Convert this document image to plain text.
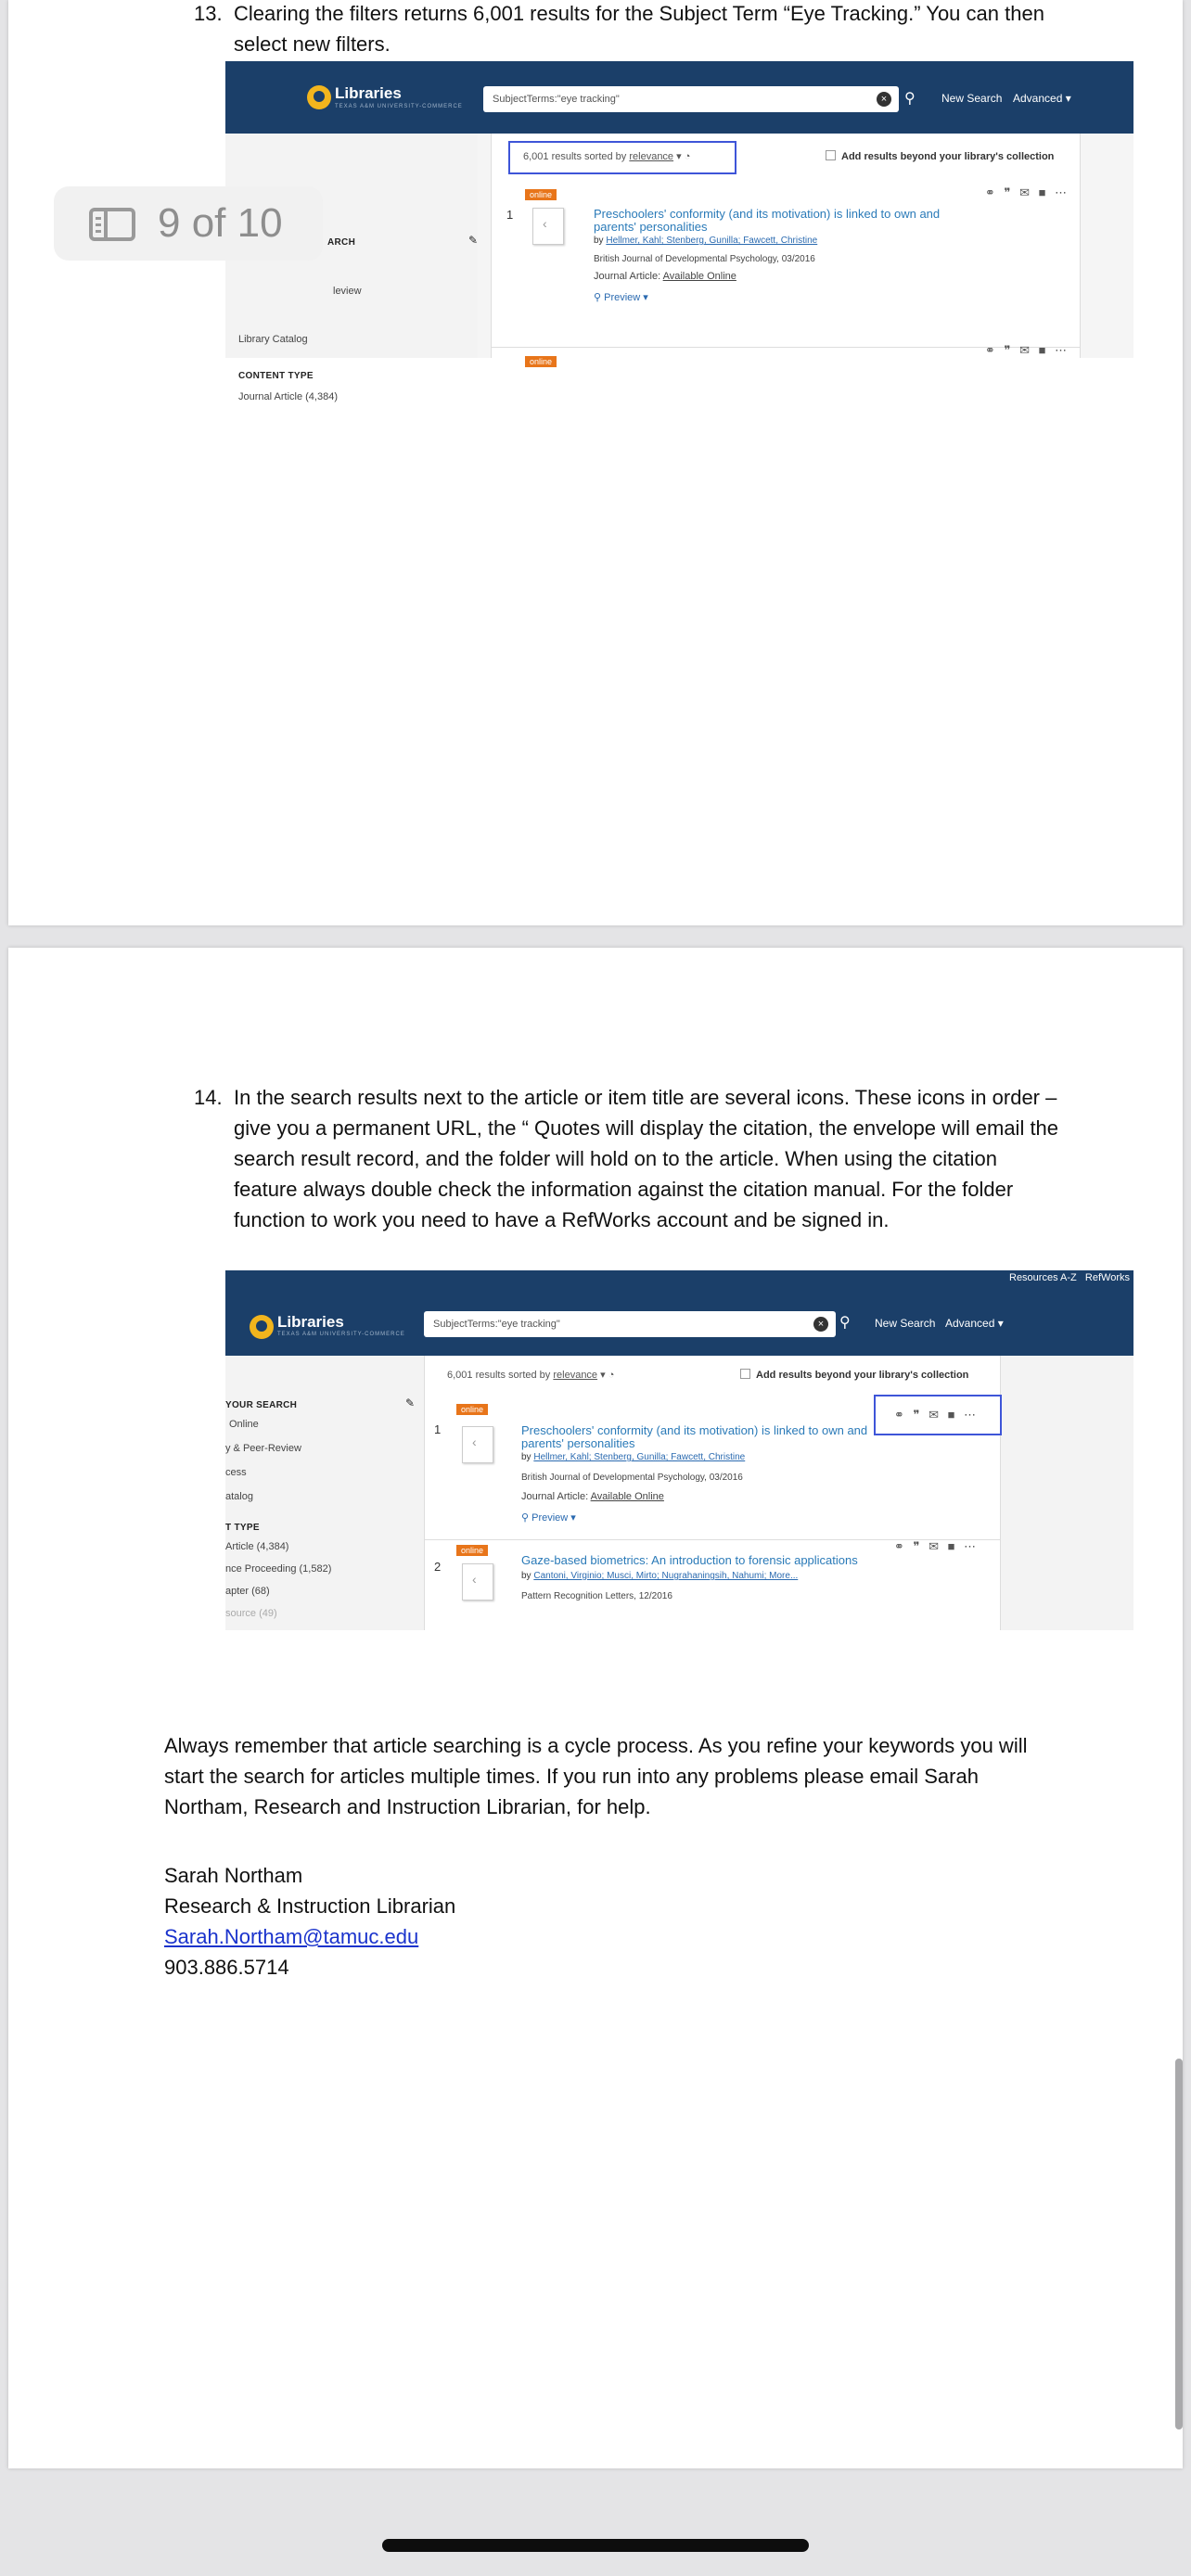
13. Clearing the filters returns 6,001 results for the Subject Term “Eye Tracking.” You can then select new filters.
Libraries
TEXAS A&M UNIVERSITY-COMMERCE
SubjectTerms:"eye tracking"	× ⚲ New Search Advanced ▾
ARCH
leview
Library Catalog
CONTENT TYPE
Journal Article (4,384)
✎
6,001 results sorted by relevance ▾ ◔	Add results beyond your library's collection
1
online
‹
Preschoolers' conformity (and its motivation) is linked to own and parents' personalities
by Hellmer, Kahl; Stenberg, Gunilla; Fawcett, Christine
British Journal of Developmental Psychology, 03/2016
Journal Article: Available Online
⚲ Preview ▾
⚭ ❞ ✉ ■ ⋯
online
⚭ ❞ ✉ ■ ⋯
14. In the search results next to the article or item title are several icons. These icons in order – give you a permanent URL, the “ Quotes will display the citation, the envelope will email the search result record, and the folder will hold on to the article. When using the citation feature always double check the information against the citation manual. For the folder function to work you need to have a RefWorks account and be signed in.
Resources A-Z   RefWorks
Libraries
TEXAS A&M UNIVERSITY-COMMERCE
SubjectTerms:"eye tracking"	× ⚲ New Search Advanced ▾
YOUR SEARCH	✎
Online
y & Peer-Review
cess
atalog
T TYPE
Article (4,384)
nce Proceeding (1,582)
apter (68)
source (49)
6,001 results sorted by relevance ▾ ◔	Add results beyond your library's collection
1
online
‹
Preschoolers' conformity (and its motivation) is linked to own and parents' personalities
by Hellmer, Kahl; Stenberg, Gunilla; Fawcett, Christine
British Journal of Developmental Psychology, 03/2016
Journal Article: Available Online
⚲ Preview ▾
⚭ ❞ ✉ ■ ⋯
2
online
‹
Gaze-based biometrics: An introduction to forensic applications
by Cantoni, Virginio; Musci, Mirto; Nugrahaningsih, Nahumi; More...
Pattern Recognition Letters, 12/2016
⚭ ❞ ✉ ■ ⋯
Always remember that article searching is a cycle process. As you refine your keywords you will start the search for articles multiple times. If you run into any problems please email Sarah Northam, Research and Instruction Librarian, for help.
Sarah Northam
Research & Instruction Librarian
Sarah.Northam@tamuc.edu
903.886.5714
9 of 10
